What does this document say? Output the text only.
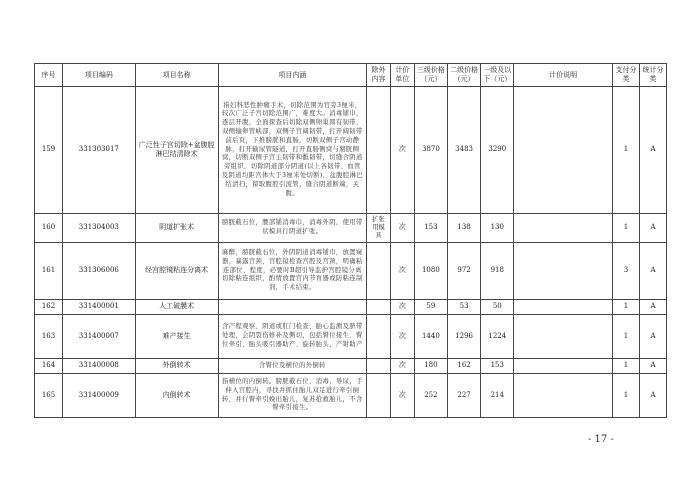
序号	项目编码	项目名称	项目内涵	除外内容	计价单位	三级价格（元）	二级价格（元）	一级及以下（元）	计价说明	支付分类	统计分类
159	331303017	广泛性子宫切除+盆腹腔淋巴结清除术	指妇科恶性肿瘤手术，切除范围为官旁3厘米，较次广泛子宫切除范围广，难度大。消毒铺巾，逐层开腹，全面探查后切除双侧卵巢圆有韧带，双侧输卵管峡部，双侧子宫阔韧带，打开阔韧带前后页，下推膀胱和直肠，切断双侧子宫动静脉，打开输尿管隧道，打开直肠侧窝与膀胱侧窝，切断双侧子宫主韧带和骶韧带，切缝合阴道旁组织，切除阴道部分阴道(以上各韧带、血管及阴道均距宫体大于3厘米处切断)，盆腹腔淋巴结清扫，留取腹腔引流管，缝合阴道断端，关腹。		次	3870	3483	3290		1	A
160	331304003	阴道扩张术	膀胱截石位，腰部铺消毒巾，消毒外阴，使用带状模具行阴道扩张。	扩张用模具	次	153	138	130		1	A
161	331306006	经宫腔镜粘连分离术	麻醉，膀胱截石位，外阴阴道消毒铺巾，放置窥器，暴露宫颈，宫腔镜检查宫腔及宫颈，明确粘连部位、程度，必要时B超引导监护宫腔镜分离切除粘连组织，酌情放置宫内节育器或防粘连制剂，手术结束。		次	1080	972	918		3	A
162	331400001	人工破膜术			次	59	53	50		1	A
163	331400007	难产接生	含产程观察、阴道或肛门检查、胎心监测及脐带处理，会阴裂伤修补及侧切，包括臀位接生、臀位牵引、胎头吸引器助产、旋转胎头、产钳助产		次	1440	1296	1224		1	A
164	331400008	外倒转术	含臀位及横位的外倒转		次	180	162	153		1	A
165	331400009	内倒转术	指横位的内倒转。膀胱截石位，消毒，导尿，手伸入宫腔内，寻找并抓住胎儿双足进行牵引倒转，并行臀牵引娩出胎儿，复苏抢救胎儿，不含臀牵引接生。		次	252	227	214		1	A
- 17 -
